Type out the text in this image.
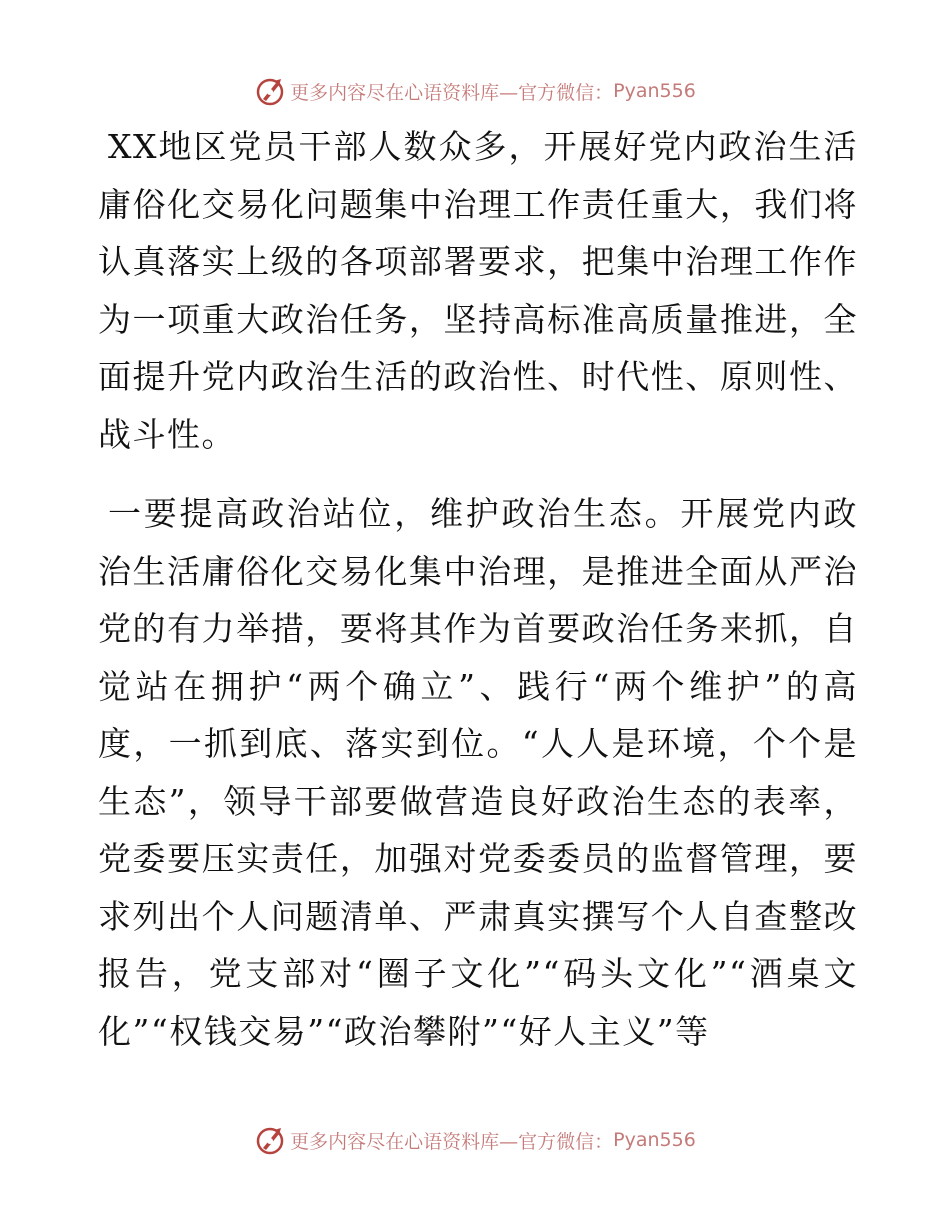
更多内容尽在心语资料库—官方微信： Pyan556

XX地区党员干部人数众多，开展好党内政治生活庸俗化交易化问题集中治理工作责任重大，我们将认真落实上级的各项部署要求，把集中治理工作作为一项重大政治任务，坚持高标准高质量推进，全面提升党内政治生活的政治性、时代性、原则性、战斗性。

一要提高政治站位，维护政治生态。开展党内政治生活庸俗化交易化集中治理，是推进全面从严治党的有力举措，要将其作为首要政治任务来抓，自觉站在拥护“两个确立”、践行“两个维护”的高度，一抓到底、落实到位。“人人是环境，个个是生态”，领导干部要做营造良好政治生态的表率，党委要压实责任，加强对党委委员的监督管理，要求列出个人问题清单、严肃真实撰写个人自查整改报告，党支部对“圈子文化”“码头文化”“酒桌文化”“权钱交易”“政治攀附”“好人主义”等

更多内容尽在心语资料库—官方微信： Pyan556
